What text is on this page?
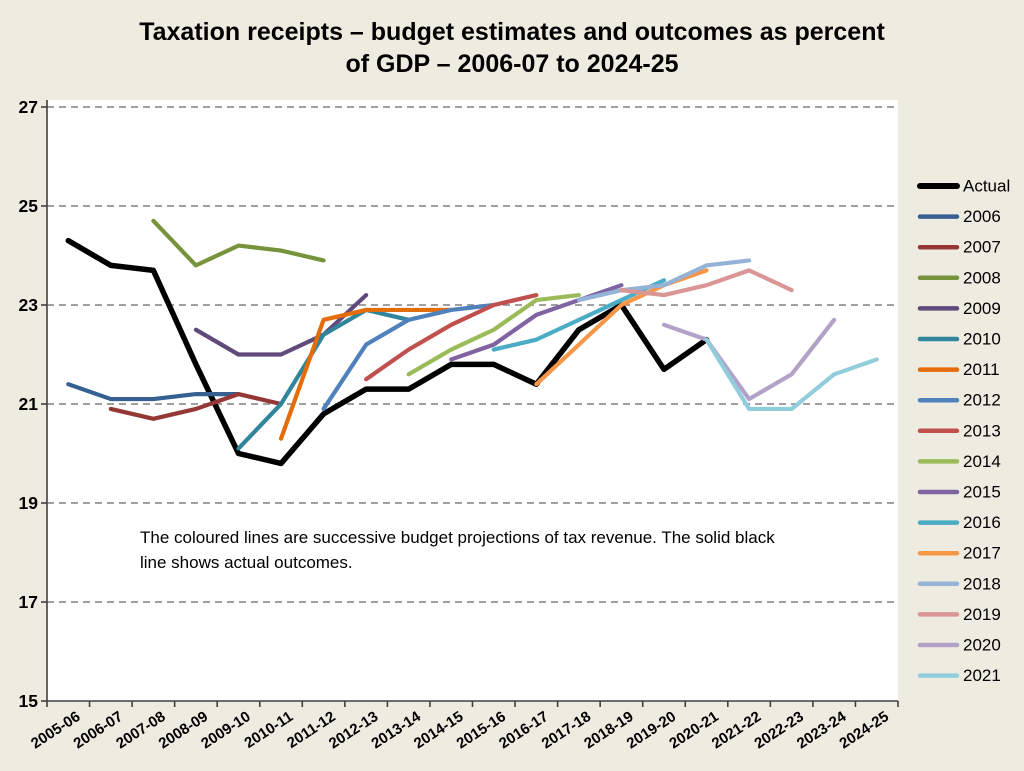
15
17
19
21
23
25
27
2005-06
2006-07
2007-08
2008-09
2009-10
2010-11
2011-12
2012-13
2013-14
2014-15
2015-16
2016-17
2017-18
2018-19
2019-20
2020-21
2021-22
2022-23
2023-24
2024-25
Actual
2006
2007
2008
2009
2010
2011
2012
2013
2014
2015
2016
2017
2018
2019
2020
2021
Taxation receipts – budget estimates and outcomes as percent
of GDP – 2006-07 to 2024-25
The coloured lines are successive budget projections of tax revenue. The solid black
line shows actual outcomes.
